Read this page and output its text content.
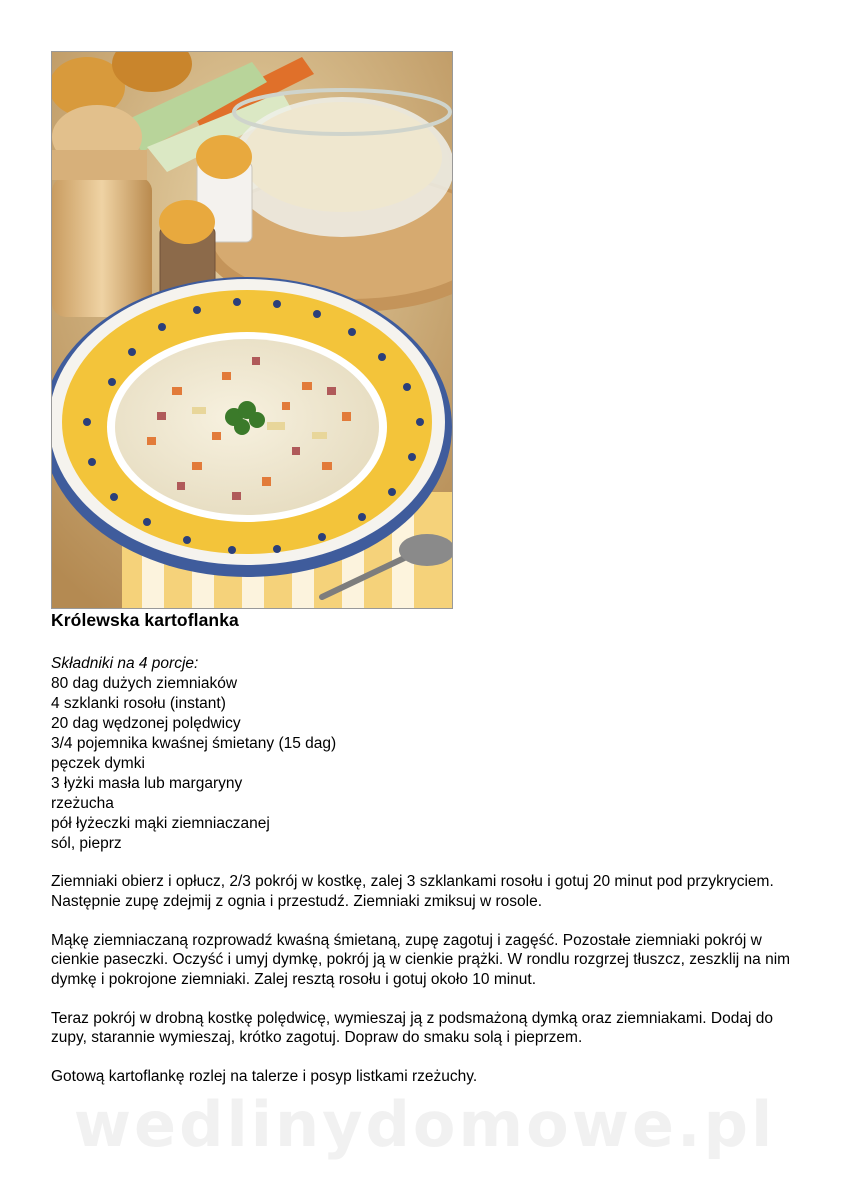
Królewska kartoflanka
Składniki na 4 porcje:
80 dag dużych ziemniaków
4 szklanki rosołu (instant)
20 dag wędzonej polędwicy
3/4 pojemnika kwaśnej śmietany (15 dag)
pęczek dymki
3 łyżki masła lub margaryny
rzeżucha
pół łyżeczki mąki ziemniaczanej
sól, pieprz

Ziemniaki obierz i opłucz, 2/3 pokrój w kostkę, zalej 3 szklankami rosołu i gotuj 20 minut pod przykryciem. Następnie zupę zdejmij z ognia i przestudź. Ziemniaki zmiksuj w rosole.

Mąkę ziemniaczaną rozprowadź kwaśną śmietaną, zupę zagotuj i zagęść. Pozostałe ziemniaki pokrój w cienkie paseczki. Oczyść i umyj dymkę, pokrój ją w cienkie prążki. W rondlu rozgrzej tłuszcz, zeszklij na nim dymkę i pokrojone ziemniaki. Zalej resztą rosołu i gotuj około 10 minut.

Teraz pokrój w drobną kostkę polędwicę, wymieszaj ją z podsmażoną dymką oraz ziemniakami. Dodaj do zupy, starannie wymieszaj, krótko zagotuj. Dopraw do smaku solą i pieprzem.

Gotową kartoflankę rozlej na talerze i posyp listkami rzeżuchy.

wedlinydomowe.pl
